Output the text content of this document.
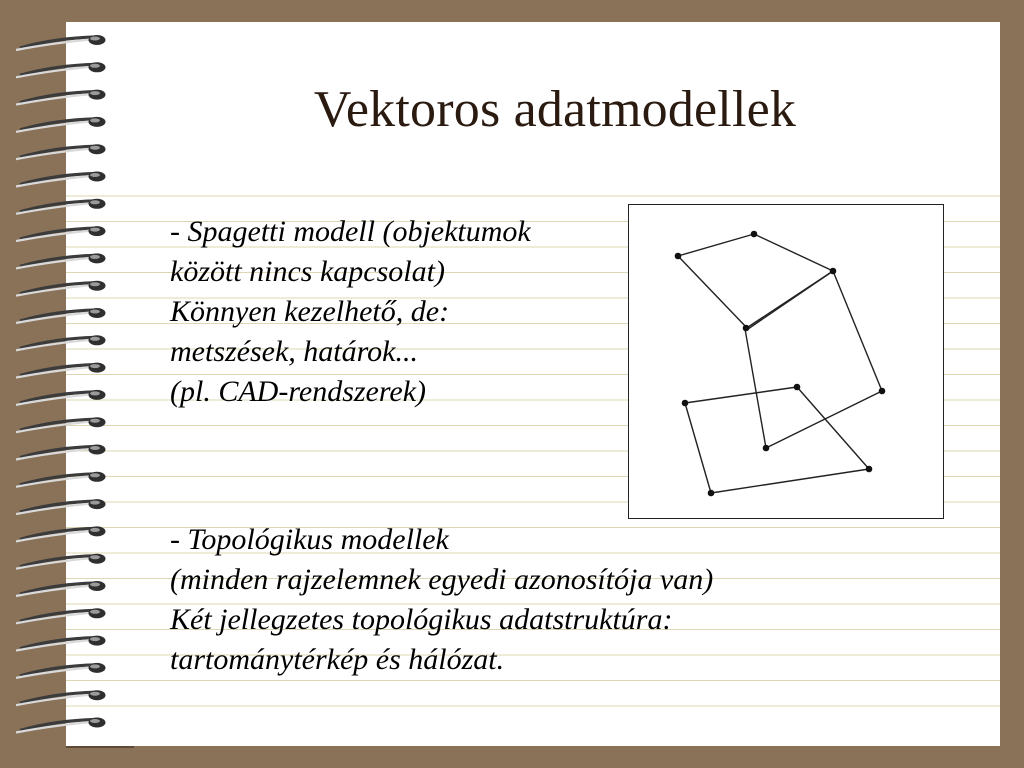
Vektoros adatmodellek
- Spagetti modell (objektumok
között nincs kapcsolat)
Könnyen kezelhető, de:
metszések, határok...
(pl. CAD-rendszerek)
- Topológikus modellek
(minden rajzelemnek egyedi azonosítója van)
Két jellegzetes topológikus adatstruktúra:
tartománytérkép és hálózat.
